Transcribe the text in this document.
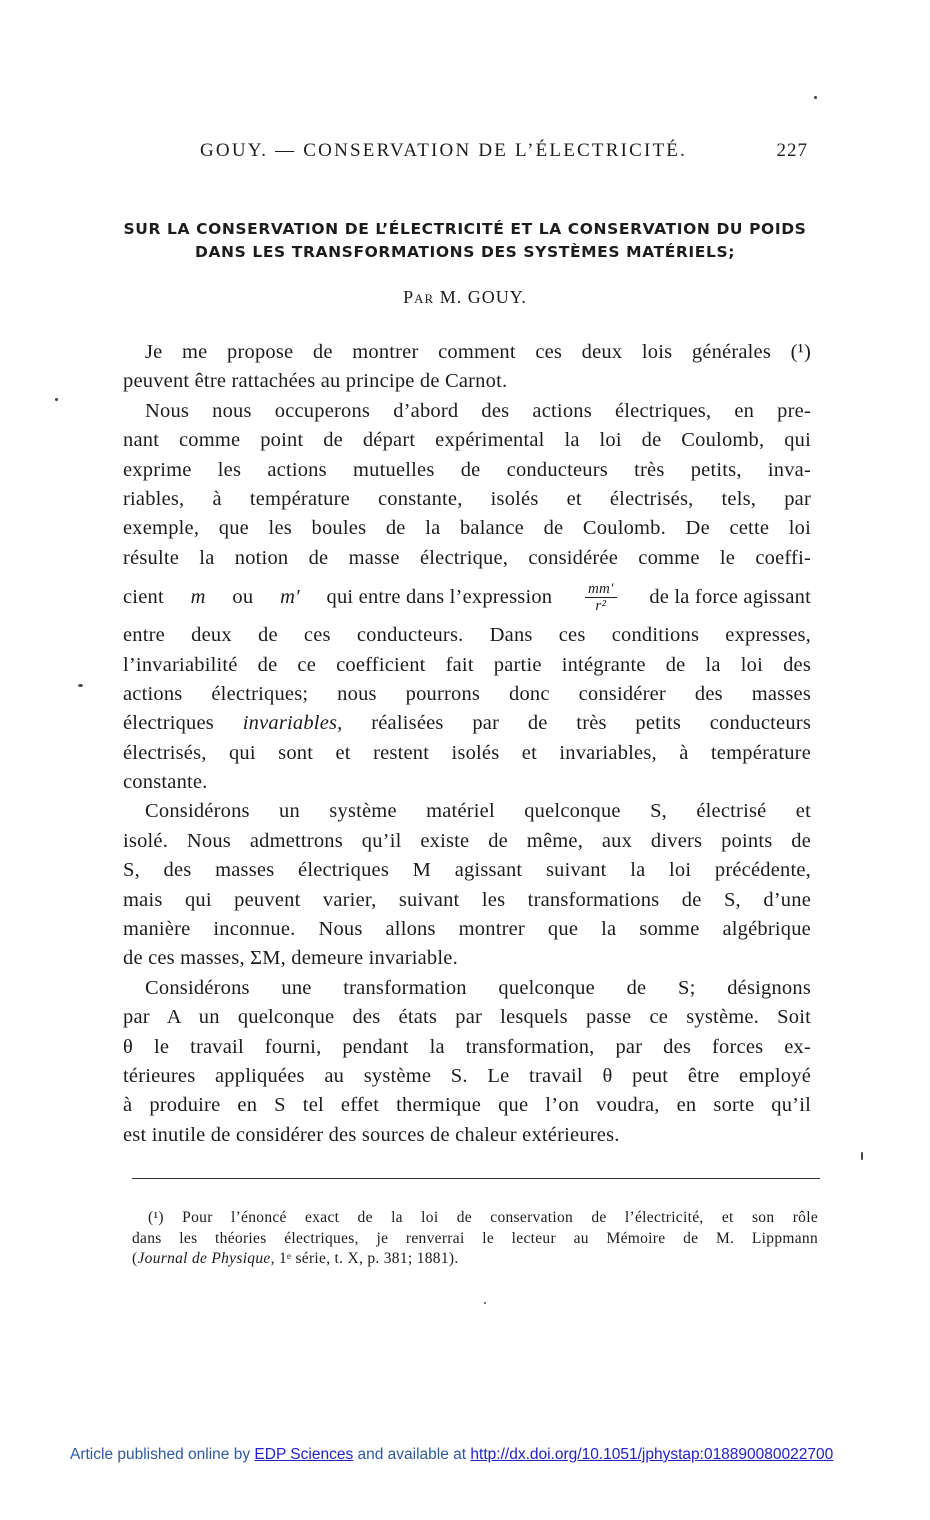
GOUY. — CONSERVATION DE L’ÉLECTRICITÉ.	227
SUR LA CONSERVATION DE L’ÉLECTRICITÉ ET LA CONSERVATION DU POIDS
DANS LES TRANSFORMATIONS DES SYSTÈMES MATÉRIELS;
Par M. GOUY.
Je me propose de montrer comment ces deux lois générales (¹)
peuvent être rattachées au principe de Carnot.
Nous nous occuperons d’abord des actions électriques, en pre-
nant comme point de départ expérimental la loi de Coulomb, qui
exprime les actions mutuelles de conducteurs très petits, inva-
riables, à température constante, isolés et électrisés, tels, par
exemple, que les boules de la balance de Coulomb. De cette loi
résulte la notion de masse électrique, considérée comme le coeffi-
cient m ou m′ qui entre dans l’expression $\frac{mm'}{\text{r²}}$ de la force agissant
entre deux de ces conducteurs. Dans ces conditions expresses,
l’invariabilité de ce coefficient fait partie intégrante de la loi des
actions électriques; nous pourrons donc considérer des masses
électriques invariables, réalisées par de très petits conducteurs
électrisés, qui sont et restent isolés et invariables, à température
constante.
Considérons un système matériel quelconque S, électrisé et
isolé. Nous admettrons qu’il existe de même, aux divers points de
S, des masses électriques M agissant suivant la loi précédente,
mais qui peuvent varier, suivant les transformations de S, d’une
manière inconnue. Nous allons montrer que la somme algébrique
de ces masses, ΣM, demeure invariable.
Considérons une transformation quelconque de S; désignons
par A un quelconque des états par lesquels passe ce système. Soit
θ le travail fourni, pendant la transformation, par des forces ex-
térieures appliquées au système S. Le travail θ peut être employé
à produire en S tel effet thermique que l’on voudra, en sorte qu’il
est inutile de considérer des sources de chaleur extérieures.
(¹) Pour l’énoncé exact de la loi de conservation de l’électricité, et son rôle
dans les théories électriques, je renverrai le lecteur au Mémoire de M. Lippmann
(Journal de Physique, 1ᵉ série, t. X, p. 381; 1881).
Article published online by EDP Sciences and available at http://dx.doi.org/10.1051/jphystap:018890080022700
